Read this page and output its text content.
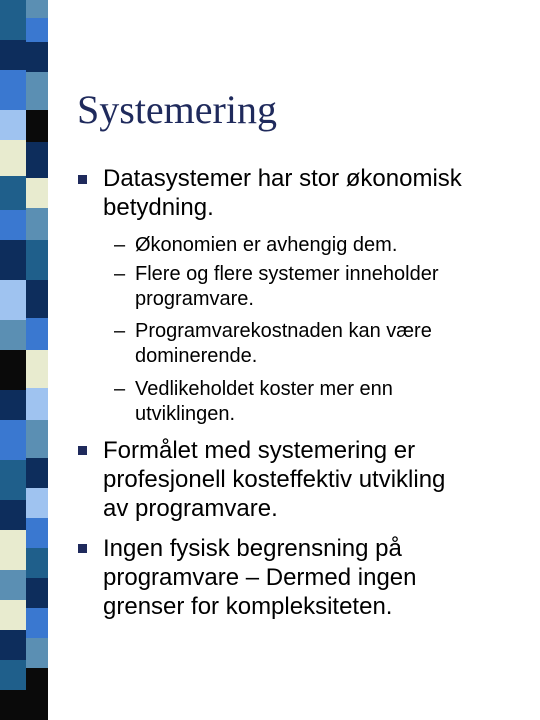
Systemering
Datasystemer har stor økonomisk
betydning.
– Økonomien er avhengig dem.
– Flere og flere systemer inneholder
programvare.
– Programvarekostnaden kan være
dominerende.
– Vedlikeholdet koster mer enn
utviklingen.
Formålet med systemering er
profesjonell kosteffektiv utvikling
av programvare.
Ingen fysisk begrensning på
programvare – Dermed ingen
grenser for kompleksiteten.
